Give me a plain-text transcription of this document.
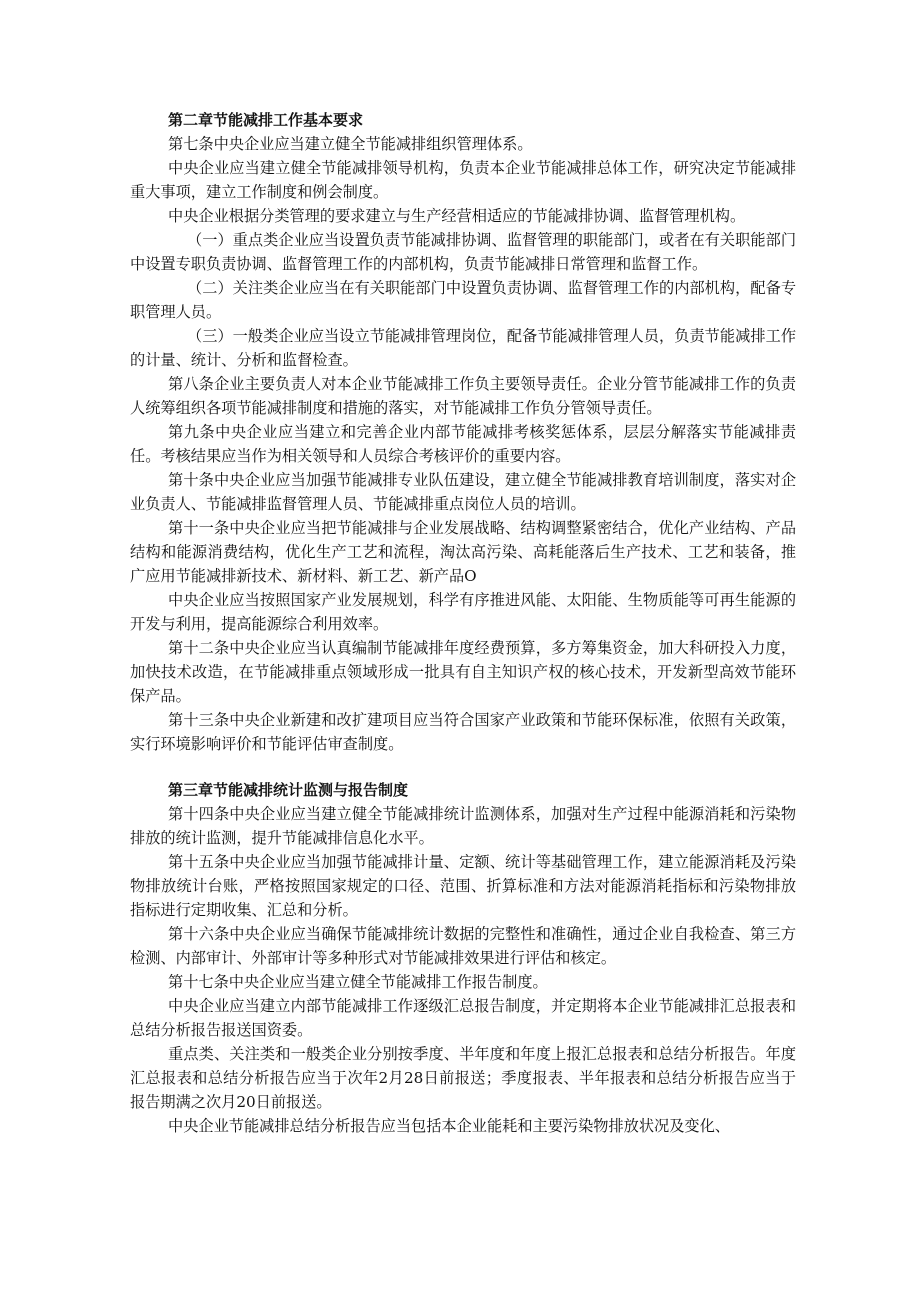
第二章节能减排工作基本要求

第七条中央企业应当建立健全节能减排组织管理体系。

中央企业应当建立健全节能减排领导机构，负责本企业节能减排总体工作，研究决定节能减排重大事项，建立工作制度和例会制度。

中央企业根据分类管理的要求建立与生产经营相适应的节能减排协调、监督管理机构。

（一）重点类企业应当设置负责节能减排协调、监督管理的职能部门，或者在有关职能部门中设置专职负责协调、监督管理工作的内部机构，负责节能减排日常管理和监督工作。

（二）关注类企业应当在有关职能部门中设置负责协调、监督管理工作的内部机构，配备专职管理人员。

（三）一般类企业应当设立节能减排管理岗位，配备节能减排管理人员，负责节能减排工作的计量、统计、分析和监督检查。

第八条企业主要负责人对本企业节能减排工作负主要领导责任。企业分管节能减排工作的负责人统筹组织各项节能减排制度和措施的落实，对节能减排工作负分管领导责任。

第九条中央企业应当建立和完善企业内部节能减排考核奖惩体系，层层分解落实节能减排责任。考核结果应当作为相关领导和人员综合考核评价的重要内容。

第十条中央企业应当加强节能减排专业队伍建设，建立健全节能减排教育培训制度，落实对企业负责人、节能减排监督管理人员、节能减排重点岗位人员的培训。

第十一条中央企业应当把节能减排与企业发展战略、结构调整紧密结合，优化产业结构、产品结构和能源消费结构，优化生产工艺和流程，淘汰高污染、高耗能落后生产技术、工艺和装备，推广应用节能减排新技术、新材料、新工艺、新产品O

中央企业应当按照国家产业发展规划，科学有序推进风能、太阳能、生物质能等可再生能源的开发与利用，提高能源综合利用效率。

第十二条中央企业应当认真编制节能减排年度经费预算，多方筹集资金，加大科研投入力度，加快技术改造，在节能减排重点领域形成一批具有自主知识产权的核心技术，开发新型高效节能环保产品。

第十三条中央企业新建和改扩建项目应当符合国家产业政策和节能环保标准，依照有关政策，实行环境影响评价和节能评估审查制度。

第三章节能减排统计监测与报告制度

第十四条中央企业应当建立健全节能减排统计监测体系，加强对生产过程中能源消耗和污染物排放的统计监测，提升节能减排信息化水平。

第十五条中央企业应当加强节能减排计量、定额、统计等基础管理工作，建立能源消耗及污染物排放统计台账，严格按照国家规定的口径、范围、折算标准和方法对能源消耗指标和污染物排放指标进行定期收集、汇总和分析。

第十六条中央企业应当确保节能减排统计数据的完整性和准确性，通过企业自我检查、第三方检测、内部审计、外部审计等多种形式对节能减排效果进行评估和核定。

第十七条中央企业应当建立健全节能减排工作报告制度。

中央企业应当建立内部节能减排工作逐级汇总报告制度，并定期将本企业节能减排汇总报表和总结分析报告报送国资委。

重点类、关注类和一般类企业分别按季度、半年度和年度上报汇总报表和总结分析报告。年度汇总报表和总结分析报告应当于次年2月28日前报送；季度报表、半年报表和总结分析报告应当于报告期满之次月20日前报送。

中央企业节能减排总结分析报告应当包括本企业能耗和主要污染物排放状况及变化、
